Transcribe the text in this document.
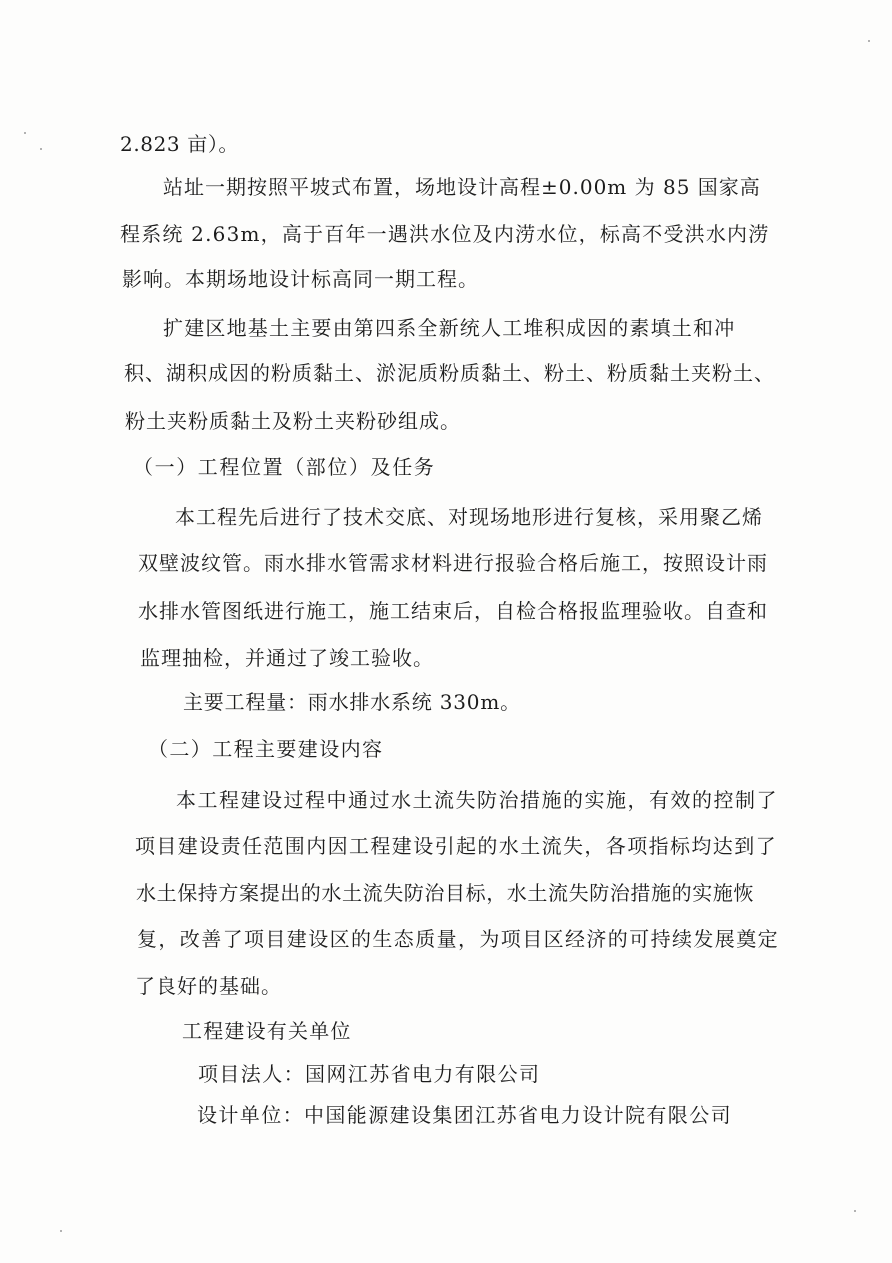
2.823 亩）。
站址一期按照平坡式布置，场地设计高程±0.00m 为 85 国家高
程系统 2.63m，高于百年一遇洪水位及内涝水位，标高不受洪水内涝
影响。本期场地设计标高同一期工程。
扩建区地基土主要由第四系全新统人工堆积成因的素填土和冲
积、湖积成因的粉质黏土、淤泥质粉质黏土、粉土、粉质黏土夹粉土、
粉土夹粉质黏土及粉土夹粉砂组成。
（一）工程位置（部位）及任务
本工程先后进行了技术交底、对现场地形进行复核，采用聚乙烯
双壁波纹管。雨水排水管需求材料进行报验合格后施工，按照设计雨
水排水管图纸进行施工，施工结束后，自检合格报监理验收。自查和
监理抽检，并通过了竣工验收。
主要工程量：雨水排水系统 330m。
（二）工程主要建设内容
本工程建设过程中通过水土流失防治措施的实施，有效的控制了
项目建设责任范围内因工程建设引起的水土流失，各项指标均达到了
水土保持方案提出的水土流失防治目标，水土流失防治措施的实施恢
复，改善了项目建设区的生态质量，为项目区经济的可持续发展奠定
了良好的基础。
工程建设有关单位
项目法人：国网江苏省电力有限公司
设计单位：中国能源建设集团江苏省电力设计院有限公司
